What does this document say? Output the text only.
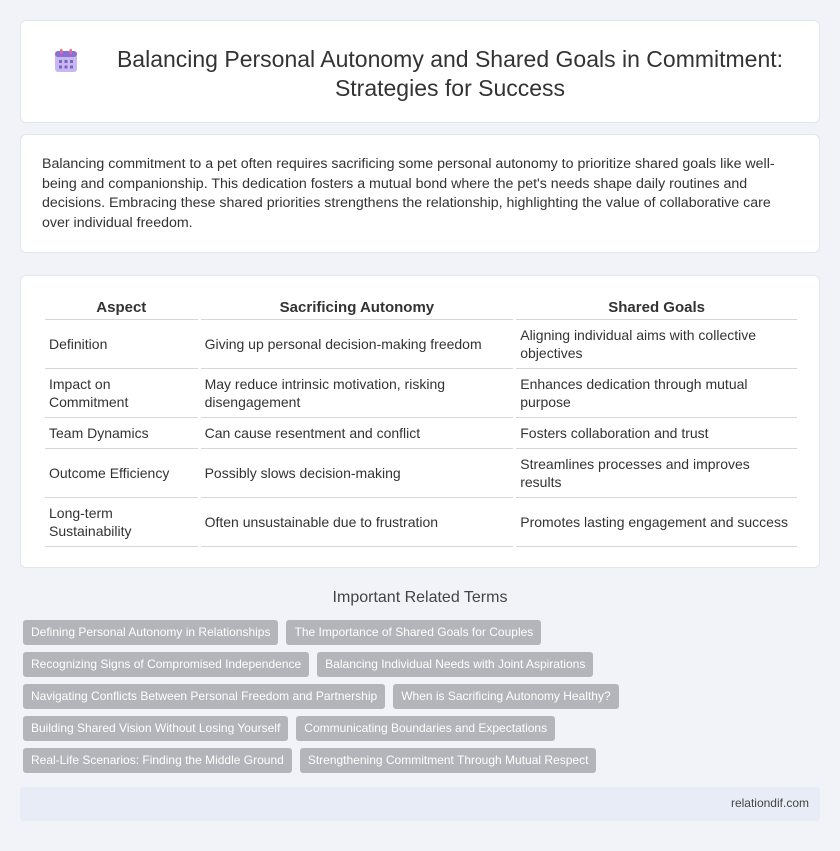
Balancing Personal Autonomy and Shared Goals in Commitment: Strategies for Success

Balancing commitment to a pet often requires sacrificing some personal autonomy to prioritize shared goals like well-being and companionship. This dedication fosters a mutual bond where the pet's needs shape daily routines and decisions. Embracing these shared priorities strengthens the relationship, highlighting the value of collaborative care over individual freedom.

Aspect	Sacrificing Autonomy	Shared Goals
Definition	Giving up personal decision-making freedom	Aligning individual aims with collective objectives
Impact on Commitment	May reduce intrinsic motivation, risking disengagement	Enhances dedication through mutual purpose
Team Dynamics	Can cause resentment and conflict	Fosters collaboration and trust
Outcome Efficiency	Possibly slows decision-making	Streamlines processes and improves results
Long-term Sustainability	Often unsustainable due to frustration	Promotes lasting engagement and success
Important Related Terms
Defining Personal Autonomy in Relationships	The Importance of Shared Goals for Couples
Recognizing Signs of Compromised Independence	Balancing Individual Needs with Joint Aspirations
Navigating Conflicts Between Personal Freedom and Partnership	When is Sacrificing Autonomy Healthy?
Building Shared Vision Without Losing Yourself	Communicating Boundaries and Expectations
Real-Life Scenarios: Finding the Middle Ground	Strengthening Commitment Through Mutual Respect
relationdif.com
